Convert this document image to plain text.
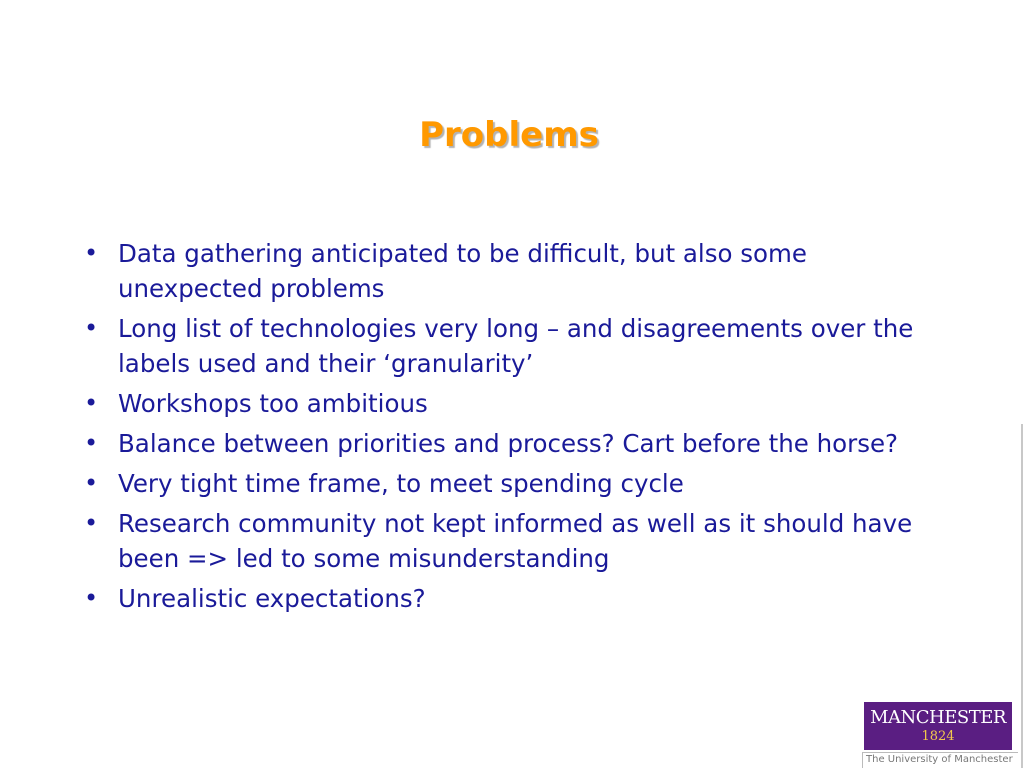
Problems
• Data gathering anticipated to be difficult, but also some unexpected problems
• Long list of technologies very long – and disagreements over the labels used and their ‘granularity’
• Workshops too ambitious
• Balance between priorities and process? Cart before the horse?
• Very tight time frame, to meet spending cycle
• Research community not kept informed as well as it should have been => led to some misunderstanding
• Unrealistic expectations?
MANCHESTER
1824
The University of Manchester
